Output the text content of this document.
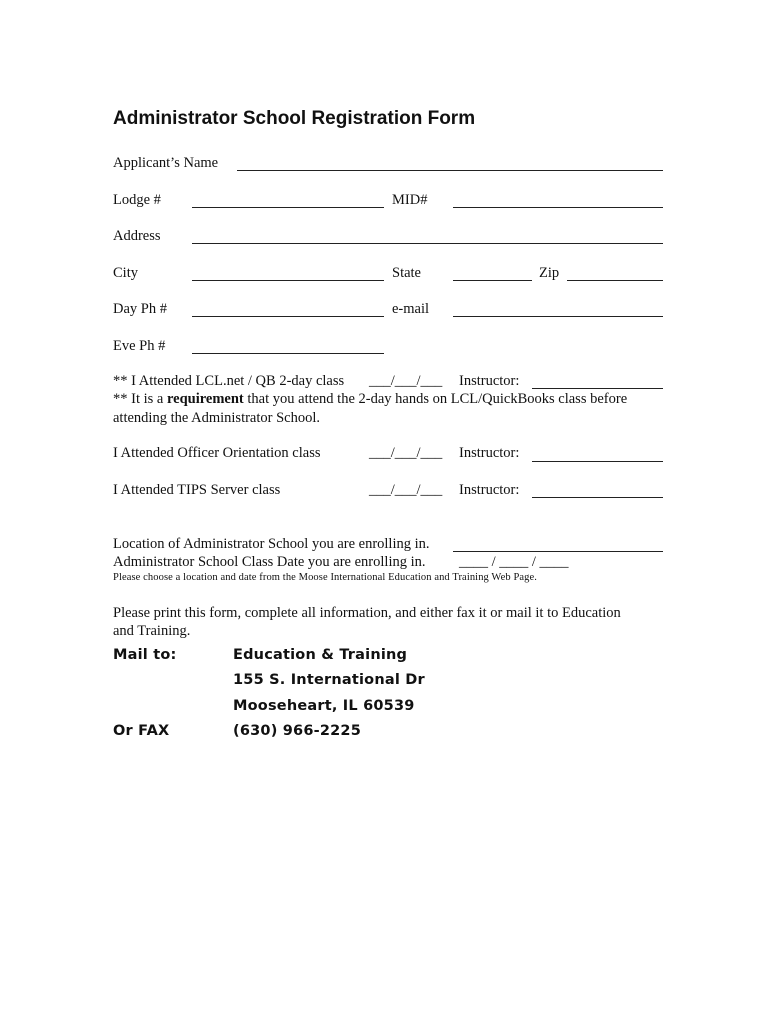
Administrator School Registration Form
Applicant’s Name
Lodge #	MID#
Address
City	State	Zip
Day Ph #	e-mail
Eve Ph #
** I Attended LCL.net / QB 2-day class ___/___/___ Instructor:
** It is a requirement that you attend the 2-day hands on LCL/QuickBooks class before
attending the Administrator School.
I Attended Officer Orientation class	___/___/___ Instructor:
I Attended TIPS Server class	___/___/___ Instructor:
Location of Administrator School you are enrolling in.
Administrator School Class Date you are enrolling in. ____ / ____ / ____
Please choose a location and date from the Moose International Education and Training Web Page.
Please print this form, complete all information, and either fax it or mail it to Education
and Training.
Mail to:	Education & Training
155 S. International Dr
Mooseheart, IL 60539
Or FAX	(630) 966-2225
